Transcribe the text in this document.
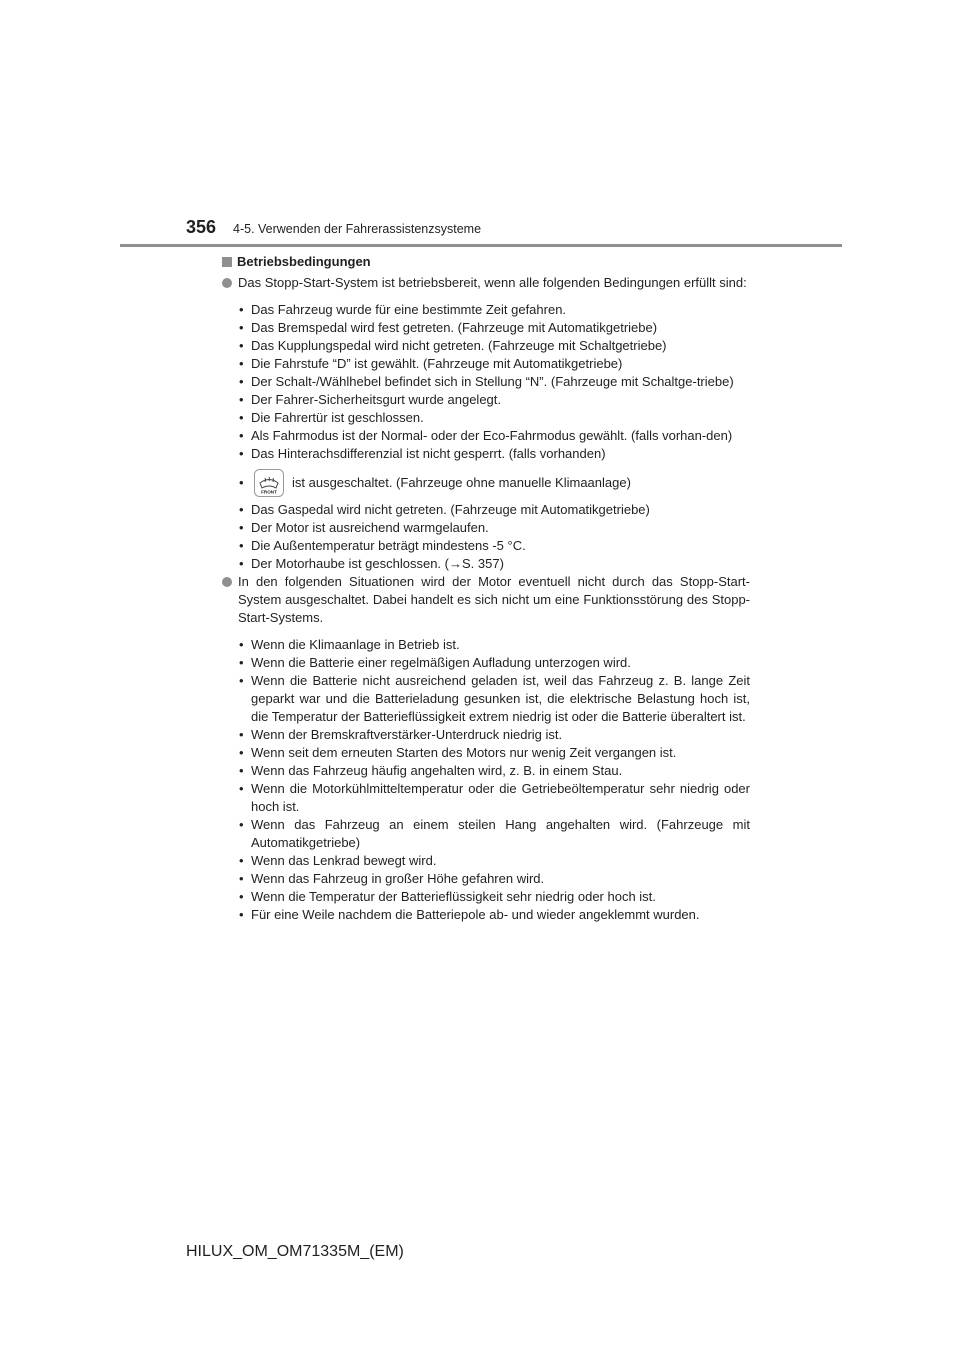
356 4-5. Verwenden der Fahrerassistenzsysteme
Betriebsbedingungen
Das Stopp-Start-System ist betriebsbereit, wenn alle folgenden Bedingungen erfüllt sind:
• Das Fahrzeug wurde für eine bestimmte Zeit gefahren.
• Das Bremspedal wird fest getreten. (Fahrzeuge mit Automatikgetriebe)
• Das Kupplungspedal wird nicht getreten. (Fahrzeuge mit Schaltgetriebe)
• Die Fahrstufe “D” ist gewählt. (Fahrzeuge mit Automatikgetriebe)
• Der Schalt-/Wählhebel befindet sich in Stellung “N”. (Fahrzeuge mit Schaltge-triebe)
• Der Fahrer-Sicherheitsgurt wurde angelegt.
• Die Fahrertür ist geschlossen.
• Als Fahrmodus ist der Normal- oder der Eco-Fahrmodus gewählt. (falls vorhan-den)
• Das Hinterachsdifferenzial ist nicht gesperrt. (falls vorhanden)
•
FRONT
ist ausgeschaltet. (Fahrzeuge ohne manuelle Klimaanlage)
• Das Gaspedal wird nicht getreten. (Fahrzeuge mit Automatikgetriebe)
• Der Motor ist ausreichend warmgelaufen.
• Die Außentemperatur beträgt mindestens -5 °C.
• Der Motorhaube ist geschlossen. (→S. 357)
In den folgenden Situationen wird der Motor eventuell nicht durch das Stopp-Start-System ausgeschaltet. Dabei handelt es sich nicht um eine Funktionsstörung des Stopp-Start-Systems.
• Wenn die Klimaanlage in Betrieb ist.
• Wenn die Batterie einer regelmäßigen Aufladung unterzogen wird.
• Wenn die Batterie nicht ausreichend geladen ist, weil das Fahrzeug z. B. lange Zeit geparkt war und die Batterieladung gesunken ist, die elektrische Belastung hoch ist, die Temperatur der Batterieflüssigkeit extrem niedrig ist oder die Batterie überaltert ist.
• Wenn der Bremskraftverstärker-Unterdruck niedrig ist.
• Wenn seit dem erneuten Starten des Motors nur wenig Zeit vergangen ist.
• Wenn das Fahrzeug häufig angehalten wird, z. B. in einem Stau.
• Wenn die Motorkühlmitteltemperatur oder die Getriebeöltemperatur sehr niedrig oder hoch ist.
• Wenn das Fahrzeug an einem steilen Hang angehalten wird. (Fahrzeuge mit Automatikgetriebe)
• Wenn das Lenkrad bewegt wird.
• Wenn das Fahrzeug in großer Höhe gefahren wird.
• Wenn die Temperatur der Batterieflüssigkeit sehr niedrig oder hoch ist.
• Für eine Weile nachdem die Batteriepole ab- und wieder angeklemmt wurden.
HILUX_OM_OM71335M_(EM)
